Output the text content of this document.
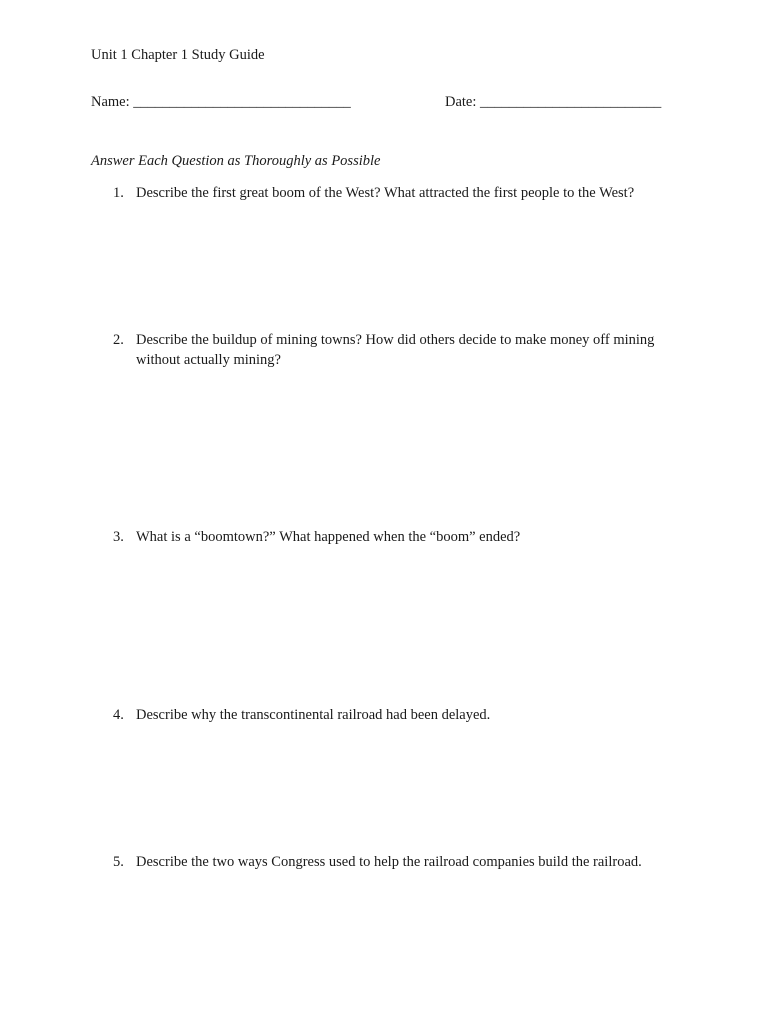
Unit 1 Chapter 1 Study Guide
Name: ______________________________	Date: _________________________
Answer Each Question as Thoroughly as Possible
1. Describe the first great boom of the West? What attracted the first people to the West?
2. Describe the buildup of mining towns? How did others decide to make money off mining without actually mining?
3. What is a “boomtown?” What happened when the “boom” ended?
4. Describe why the transcontinental railroad had been delayed.
5. Describe the two ways Congress used to help the railroad companies build the railroad.
